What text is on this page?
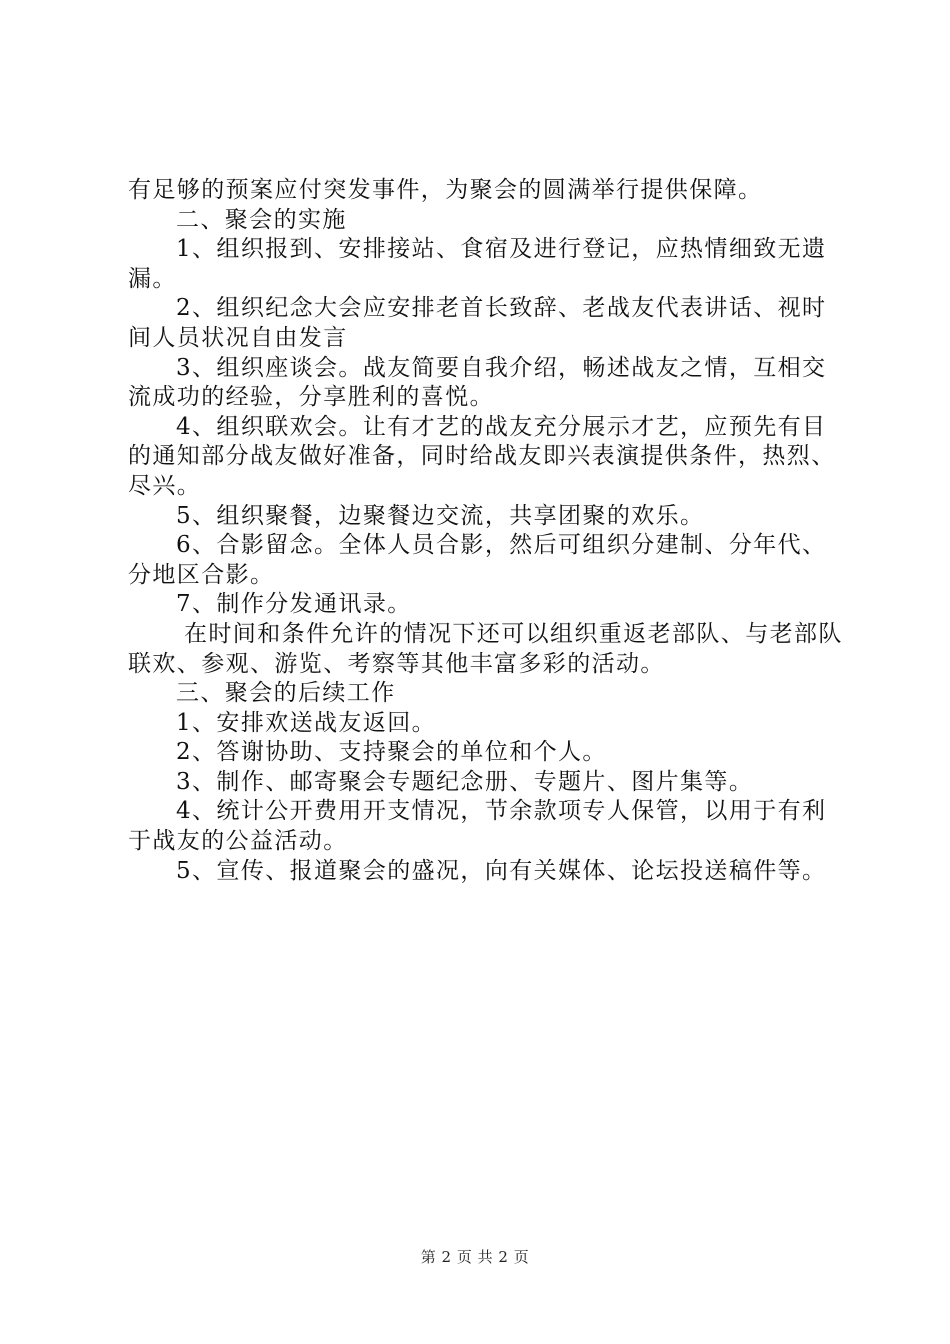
有足够的预案应付突发事件，为聚会的圆满举行提供保障。

二、聚会的实施

1、组织报到、安排接站、食宿及进行登记，应热情细致无遗漏。

2、组织纪念大会应安排老首长致辞、老战友代表讲话、视时间人员状况自由发言

3、组织座谈会。战友简要自我介绍，畅述战友之情，互相交流成功的经验，分享胜利的喜悦。

4、组织联欢会。让有才艺的战友充分展示才艺，应预先有目的通知部分战友做好准备，同时给战友即兴表演提供条件，热烈、尽兴。

5、组织聚餐，边聚餐边交流，共享团聚的欢乐。

6、合影留念。全体人员合影，然后可组织分建制、分年代、分地区合影。

7、制作分发通讯录。

在时间和条件允许的情况下还可以组织重返老部队、与老部队联欢、参观、游览、考察等其他丰富多彩的活动。

三、聚会的后续工作

1、安排欢送战友返回。

2、答谢协助、支持聚会的单位和个人。

3、制作、邮寄聚会专题纪念册、专题片、图片集等。

4、统计公开费用开支情况，节余款项专人保管，以用于有利于战友的公益活动。

5、宣传、报道聚会的盛况，向有关媒体、论坛投送稿件等。

第 2 页 共 2 页
